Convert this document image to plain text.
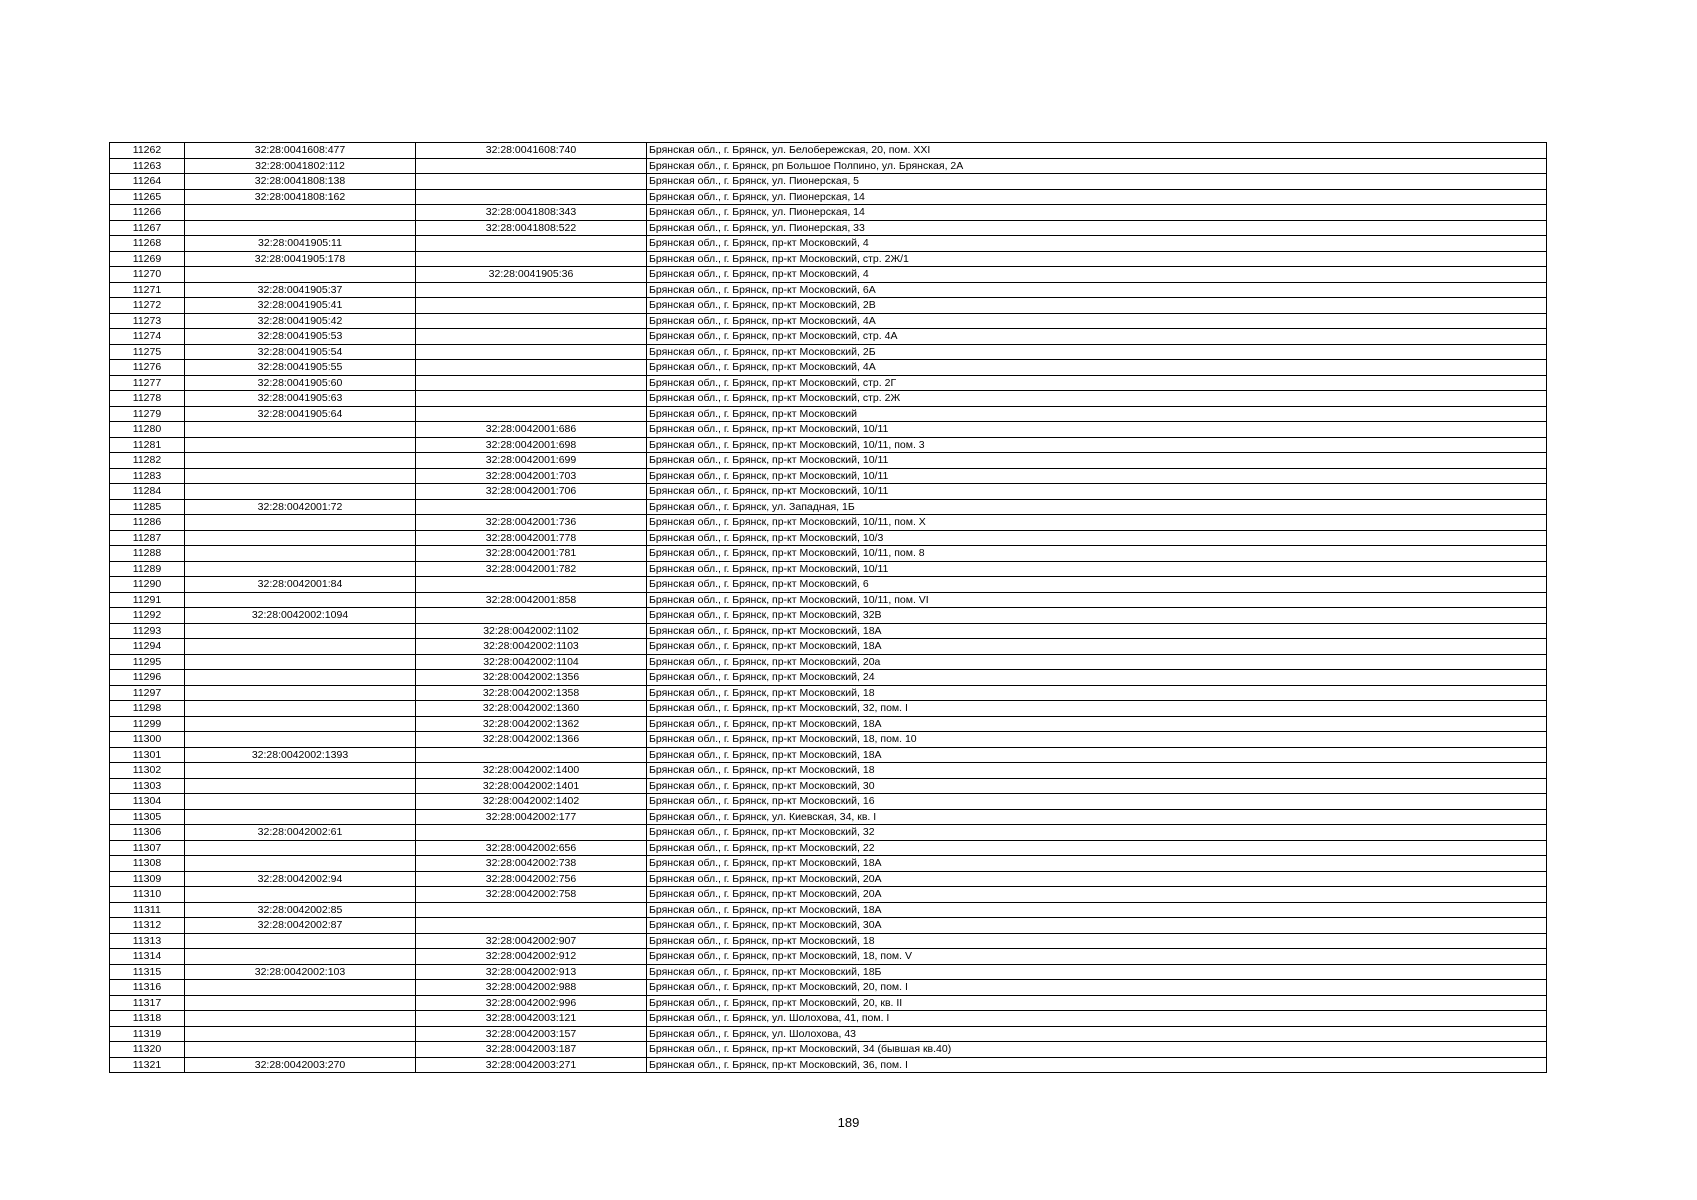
11262	32:28:0041608:477	32:28:0041608:740	Брянская обл., г. Брянск, ул. Белобережская, 20, пом. XXI
11263	32:28:0041802:112		Брянская обл., г. Брянск, рп Большое Полпино, ул. Брянская, 2А
11264	32:28:0041808:138		Брянская обл., г. Брянск, ул. Пионерская, 5
11265	32:28:0041808:162		Брянская обл., г. Брянск, ул. Пионерская, 14
11266		32:28:0041808:343	Брянская обл., г. Брянск, ул. Пионерская, 14
11267		32:28:0041808:522	Брянская обл., г. Брянск, ул. Пионерская, 33
11268	32:28:0041905:11		Брянская обл., г. Брянск, пр-кт Московский, 4
11269	32:28:0041905:178		Брянская обл., г. Брянск, пр-кт Московский, стр. 2Ж/1
11270		32:28:0041905:36	Брянская обл., г. Брянск, пр-кт Московский, 4
11271	32:28:0041905:37		Брянская обл., г. Брянск, пр-кт Московский, 6А
11272	32:28:0041905:41		Брянская обл., г. Брянск, пр-кт Московский, 2В
11273	32:28:0041905:42		Брянская обл., г. Брянск, пр-кт Московский, 4А
11274	32:28:0041905:53		Брянская обл., г. Брянск, пр-кт Московский, стр. 4А
11275	32:28:0041905:54		Брянская обл., г. Брянск, пр-кт Московский, 2Б
11276	32:28:0041905:55		Брянская обл., г. Брянск, пр-кт Московский, 4А
11277	32:28:0041905:60		Брянская обл., г. Брянск, пр-кт Московский, стр. 2Г
11278	32:28:0041905:63		Брянская обл., г. Брянск, пр-кт Московский, стр. 2Ж
11279	32:28:0041905:64		Брянская обл., г. Брянск, пр-кт Московский
11280		32:28:0042001:686	Брянская обл., г. Брянск, пр-кт Московский, 10/11
11281		32:28:0042001:698	Брянская обл., г. Брянск, пр-кт Московский, 10/11, пом. 3
11282		32:28:0042001:699	Брянская обл., г. Брянск, пр-кт Московский, 10/11
11283		32:28:0042001:703	Брянская обл., г. Брянск, пр-кт Московский, 10/11
11284		32:28:0042001:706	Брянская обл., г. Брянск, пр-кт Московский, 10/11
11285	32:28:0042001:72		Брянская обл., г. Брянск, ул. Западная, 1Б
11286		32:28:0042001:736	Брянская обл., г. Брянск, пр-кт Московский, 10/11, пом. X
11287		32:28:0042001:778	Брянская обл., г. Брянск, пр-кт Московский, 10/3
11288		32:28:0042001:781	Брянская обл., г. Брянск, пр-кт Московский, 10/11, пом. 8
11289		32:28:0042001:782	Брянская обл., г. Брянск, пр-кт Московский, 10/11
11290	32:28:0042001:84		Брянская обл., г. Брянск, пр-кт Московский, 6
11291		32:28:0042001:858	Брянская обл., г. Брянск, пр-кт Московский, 10/11, пом. VI
11292	32:28:0042002:1094		Брянская обл., г. Брянск, пр-кт Московский, 32В
11293		32:28:0042002:1102	Брянская обл., г. Брянск, пр-кт Московский, 18А
11294		32:28:0042002:1103	Брянская обл., г. Брянск, пр-кт Московский, 18А
11295		32:28:0042002:1104	Брянская обл., г. Брянск, пр-кт Московский, 20а
11296		32:28:0042002:1356	Брянская обл., г. Брянск, пр-кт Московский, 24
11297		32:28:0042002:1358	Брянская обл., г. Брянск, пр-кт Московский, 18
11298		32:28:0042002:1360	Брянская обл., г. Брянск, пр-кт Московский, 32, пом. I
11299		32:28:0042002:1362	Брянская обл., г. Брянск, пр-кт Московский, 18А
11300		32:28:0042002:1366	Брянская обл., г. Брянск, пр-кт Московский, 18, пом. 10
11301	32:28:0042002:1393		Брянская обл., г. Брянск, пр-кт Московский, 18А
11302		32:28:0042002:1400	Брянская обл., г. Брянск, пр-кт Московский, 18
11303		32:28:0042002:1401	Брянская обл., г. Брянск, пр-кт Московский, 30
11304		32:28:0042002:1402	Брянская обл., г. Брянск, пр-кт Московский, 16
11305		32:28:0042002:177	Брянская обл., г. Брянск, ул. Киевская, 34, кв. I
11306	32:28:0042002:61		Брянская обл., г. Брянск, пр-кт Московский, 32
11307		32:28:0042002:656	Брянская обл., г. Брянск, пр-кт Московский, 22
11308		32:28:0042002:738	Брянская обл., г. Брянск, пр-кт Московский, 18А
11309	32:28:0042002:94	32:28:0042002:756	Брянская обл., г. Брянск, пр-кт Московский, 20А
11310		32:28:0042002:758	Брянская обл., г. Брянск, пр-кт Московский, 20А
11311	32:28:0042002:85		Брянская обл., г. Брянск, пр-кт Московский, 18А
11312	32:28:0042002:87		Брянская обл., г. Брянск, пр-кт Московский, 30А
11313		32:28:0042002:907	Брянская обл., г. Брянск, пр-кт Московский, 18
11314		32:28:0042002:912	Брянская обл., г. Брянск, пр-кт Московский, 18, пом. V
11315	32:28:0042002:103	32:28:0042002:913	Брянская обл., г. Брянск, пр-кт Московский, 18Б
11316		32:28:0042002:988	Брянская обл., г. Брянск, пр-кт Московский, 20, пом. I
11317		32:28:0042002:996	Брянская обл., г. Брянск, пр-кт Московский, 20, кв. II
11318		32:28:0042003:121	Брянская обл., г. Брянск, ул. Шолохова, 41, пом. I
11319		32:28:0042003:157	Брянская обл., г. Брянск, ул. Шолохова, 43
11320		32:28:0042003:187	Брянская обл., г. Брянск, пр-кт Московский, 34 (бывшая кв.40)
11321	32:28:0042003:270	32:28:0042003:271	Брянская обл., г. Брянск, пр-кт Московский, 36, пом. I
189
